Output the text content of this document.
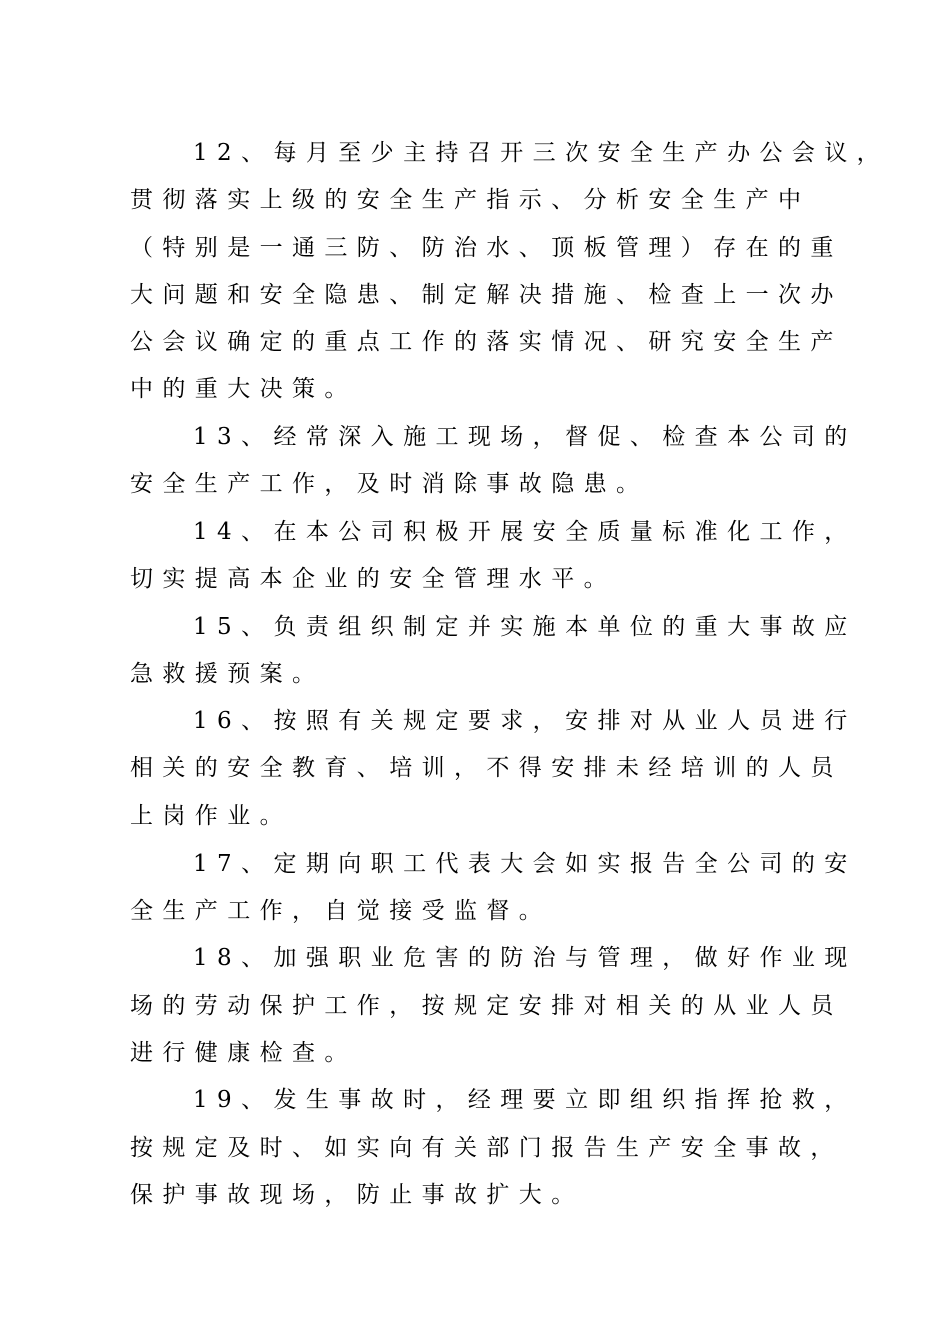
12、每月至少主持召开三次安全生产办公会议，
贯彻落实上级的安全生产指示、分析安全生产中
（特别是一通三防、防治水、顶板管理）存在的重
大问题和安全隐患、制定解决措施、检查上一次办
公会议确定的重点工作的落实情况、研究安全生产
中的重大决策。
13、经常深入施工现场，督促、检查本公司的
安全生产工作，及时消除事故隐患。
14、在本公司积极开展安全质量标准化工作，
切实提高本企业的安全管理水平。
15、负责组织制定并实施本单位的重大事故应
急救援预案。
16、按照有关规定要求，安排对从业人员进行
相关的安全教育、培训，不得安排未经培训的人员
上岗作业。
17、定期向职工代表大会如实报告全公司的安
全生产工作，自觉接受监督。
18、加强职业危害的防治与管理，做好作业现
场的劳动保护工作，按规定安排对相关的从业人员
进行健康检查。
19、发生事故时，经理要立即组织指挥抢救，
按规定及时、如实向有关部门报告生产安全事故，
保护事故现场，防止事故扩大。
